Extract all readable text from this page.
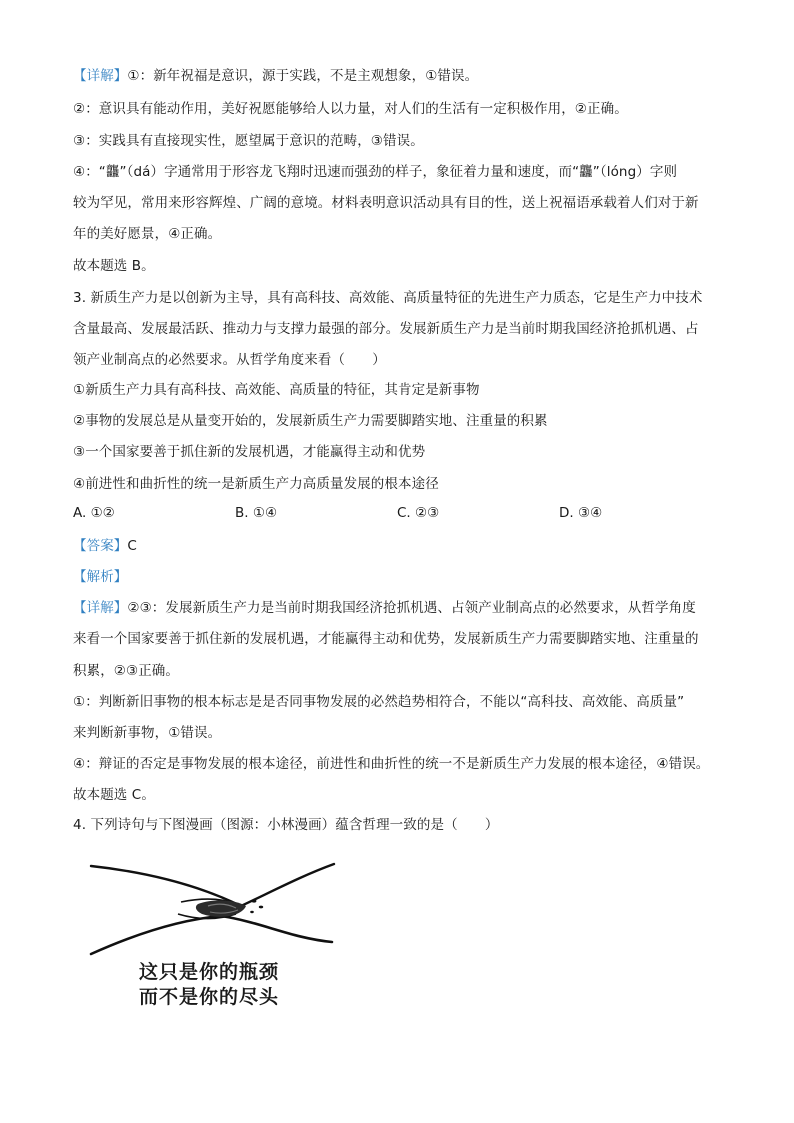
【详解】①：新年祝福是意识，源于实践，不是主观想象，①错误。
②：意识具有能动作用，美好祝愿能够给人以力量，对人们的生活有一定积极作用，②正确。
③：实践具有直接现实性，愿望属于意识的范畴，③错误。
④：“龘”（dá）字通常用于形容龙飞翔时迅速而强劲的样子，象征着力量和速度，而“龘”（lóng）字则
较为罕见，常用来形容辉煌、广阔的意境。材料表明意识活动具有目的性，送上祝福语承载着人们对于新
年的美好愿景，④正确。
故本题选 B。
3. 新质生产力是以创新为主导，具有高科技、高效能、高质量特征的先进生产力质态，它是生产力中技术
含量最高、发展最活跃、推动力与支撑力最强的部分。发展新质生产力是当前时期我国经济抢抓机遇、占
领产业制高点的必然要求。从哲学角度来看（　　）
①新质生产力具有高科技、高效能、高质量的特征，其肯定是新事物
②事物的发展总是从量变开始的，发展新质生产力需要脚踏实地、注重量的积累
③一个国家要善于抓住新的发展机遇，才能赢得主动和优势
④前进性和曲折性的统一是新质生产力高质量发展的根本途径
A. ①②	B. ①④	C. ②③	D. ③④
【答案】C
【解析】
【详解】②③：发展新质生产力是当前时期我国经济抢抓机遇、占领产业制高点的必然要求，从哲学角度
来看一个国家要善于抓住新的发展机遇，才能赢得主动和优势，发展新质生产力需要脚踏实地、注重量的
积累，②③正确。
①：判断新旧事物的根本标志是是否同事物发展的必然趋势相符合，不能以“高科技、高效能、高质量”
来判断新事物，①错误。
④：辩证的否定是事物发展的根本途径，前进性和曲折性的统一不是新质生产力发展的根本途径，④错误。
故本题选 C。
4. 下列诗句与下图漫画（图源：小林漫画）蕴含哲理一致的是（　　）
这只是你的瓶颈
而不是你的尽头
